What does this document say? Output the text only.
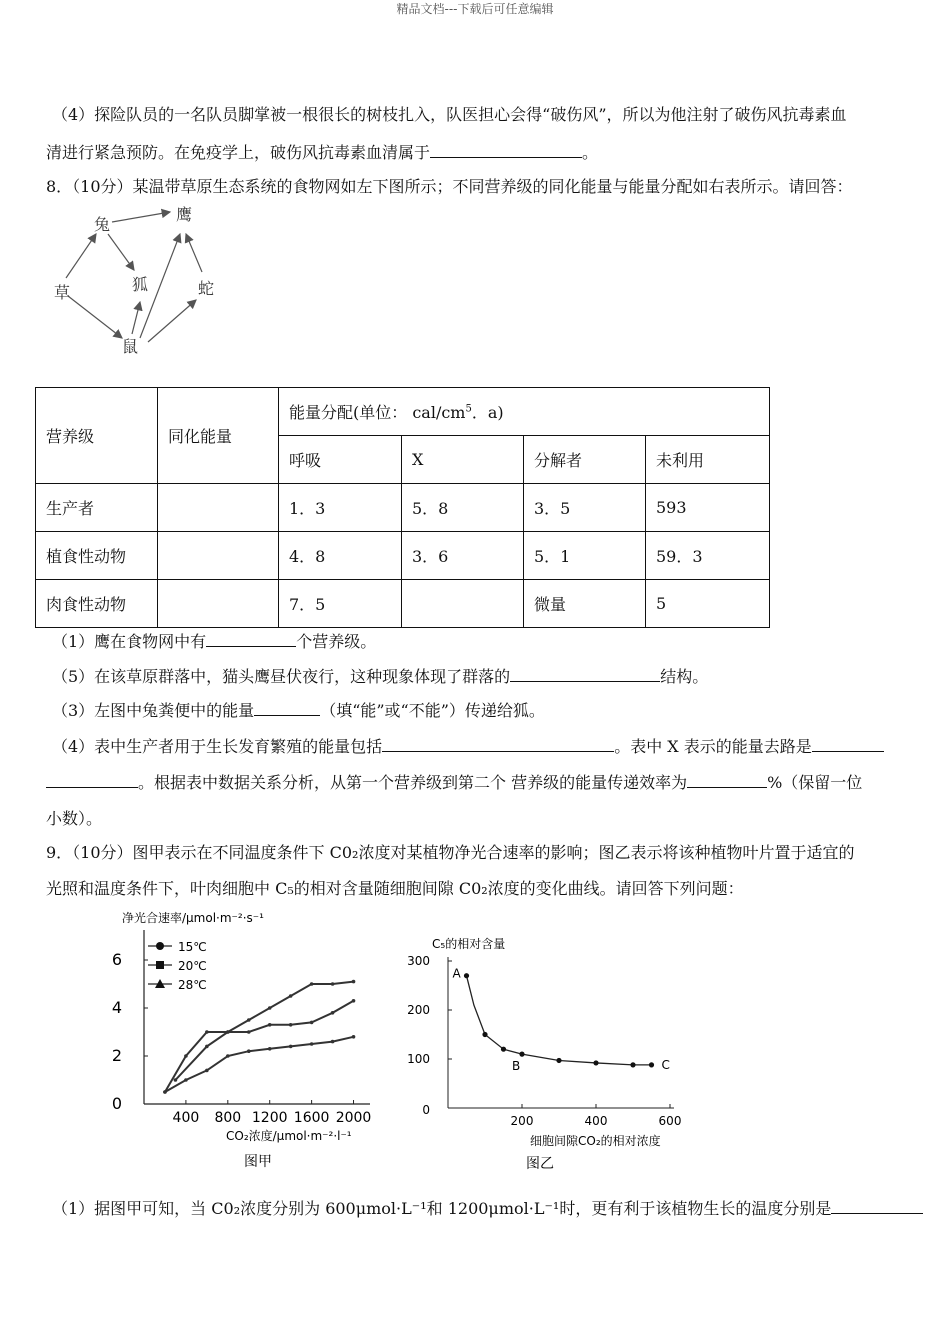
精品文档---下载后可任意编辑
（4）探险队员的一名队员脚掌被一根很长的树枝扎入，队医担心会得“破伤风”，所以为他注射了破伤风抗毒素血
清进行紧急预防。在免疫学上，破伤风抗毒素血清属于	。
8．（10分）某温带草原生态系统的食物网如左下图所示；不同营养级的同化能量与能量分配如右表所示。请回答：
兔
鹰
草	狐	蛇
鼠
营养级	同化能量	能量分配(单位： cal/$cm^5$．a)			
		呼吸	X	分解者	未利用
生产者		1．3	5．8	3．5	593
植食性动物		4．8	3．6	5．1	59．3
肉食性动物		7．5		微量	5
（1）鹰在食物网中有	个营养级。
（5）在该草原群落中，猫头鹰昼伏夜行，这种现象体现了群落的	结构。
（3）左图中兔粪便中的能量	（填“能”或“不能”）传递给狐。
（4）表中生产者用于生长发育繁殖的能量包括	。表中 X 表示的能量去路是
。根据表中数据关系分析，从第一个营养级到第二个 营养级的能量传递效率为	%（保留一位
小数）。
9．（10分）图甲表示在不同温度条件下 C0₂浓度对某植物净光合速率的影响；图乙表示将该种植物叶片置于适宜的
光照和温度条件下，叶肉细胞中 C₅的相对含量随细胞间隙 C0₂浓度的变化曲线。请回答下列问题：
净光合速率/μmol·m⁻²·s⁻¹
400 800 1200 1600 2000
0
2
4
6
15℃
20℃
28℃
CO₂浓度/μmol·m⁻²·l⁻¹
图甲
C₅的相对含量
200	400	600
0
100
200
300
A
B	C
细胞间隙CO₂的相对浓度
图乙
（1）据图甲可知，当 C0₂浓度分别为 600μmol·L⁻¹和 1200μmol·L⁻¹时，更有利于该植物生长的温度分别是
